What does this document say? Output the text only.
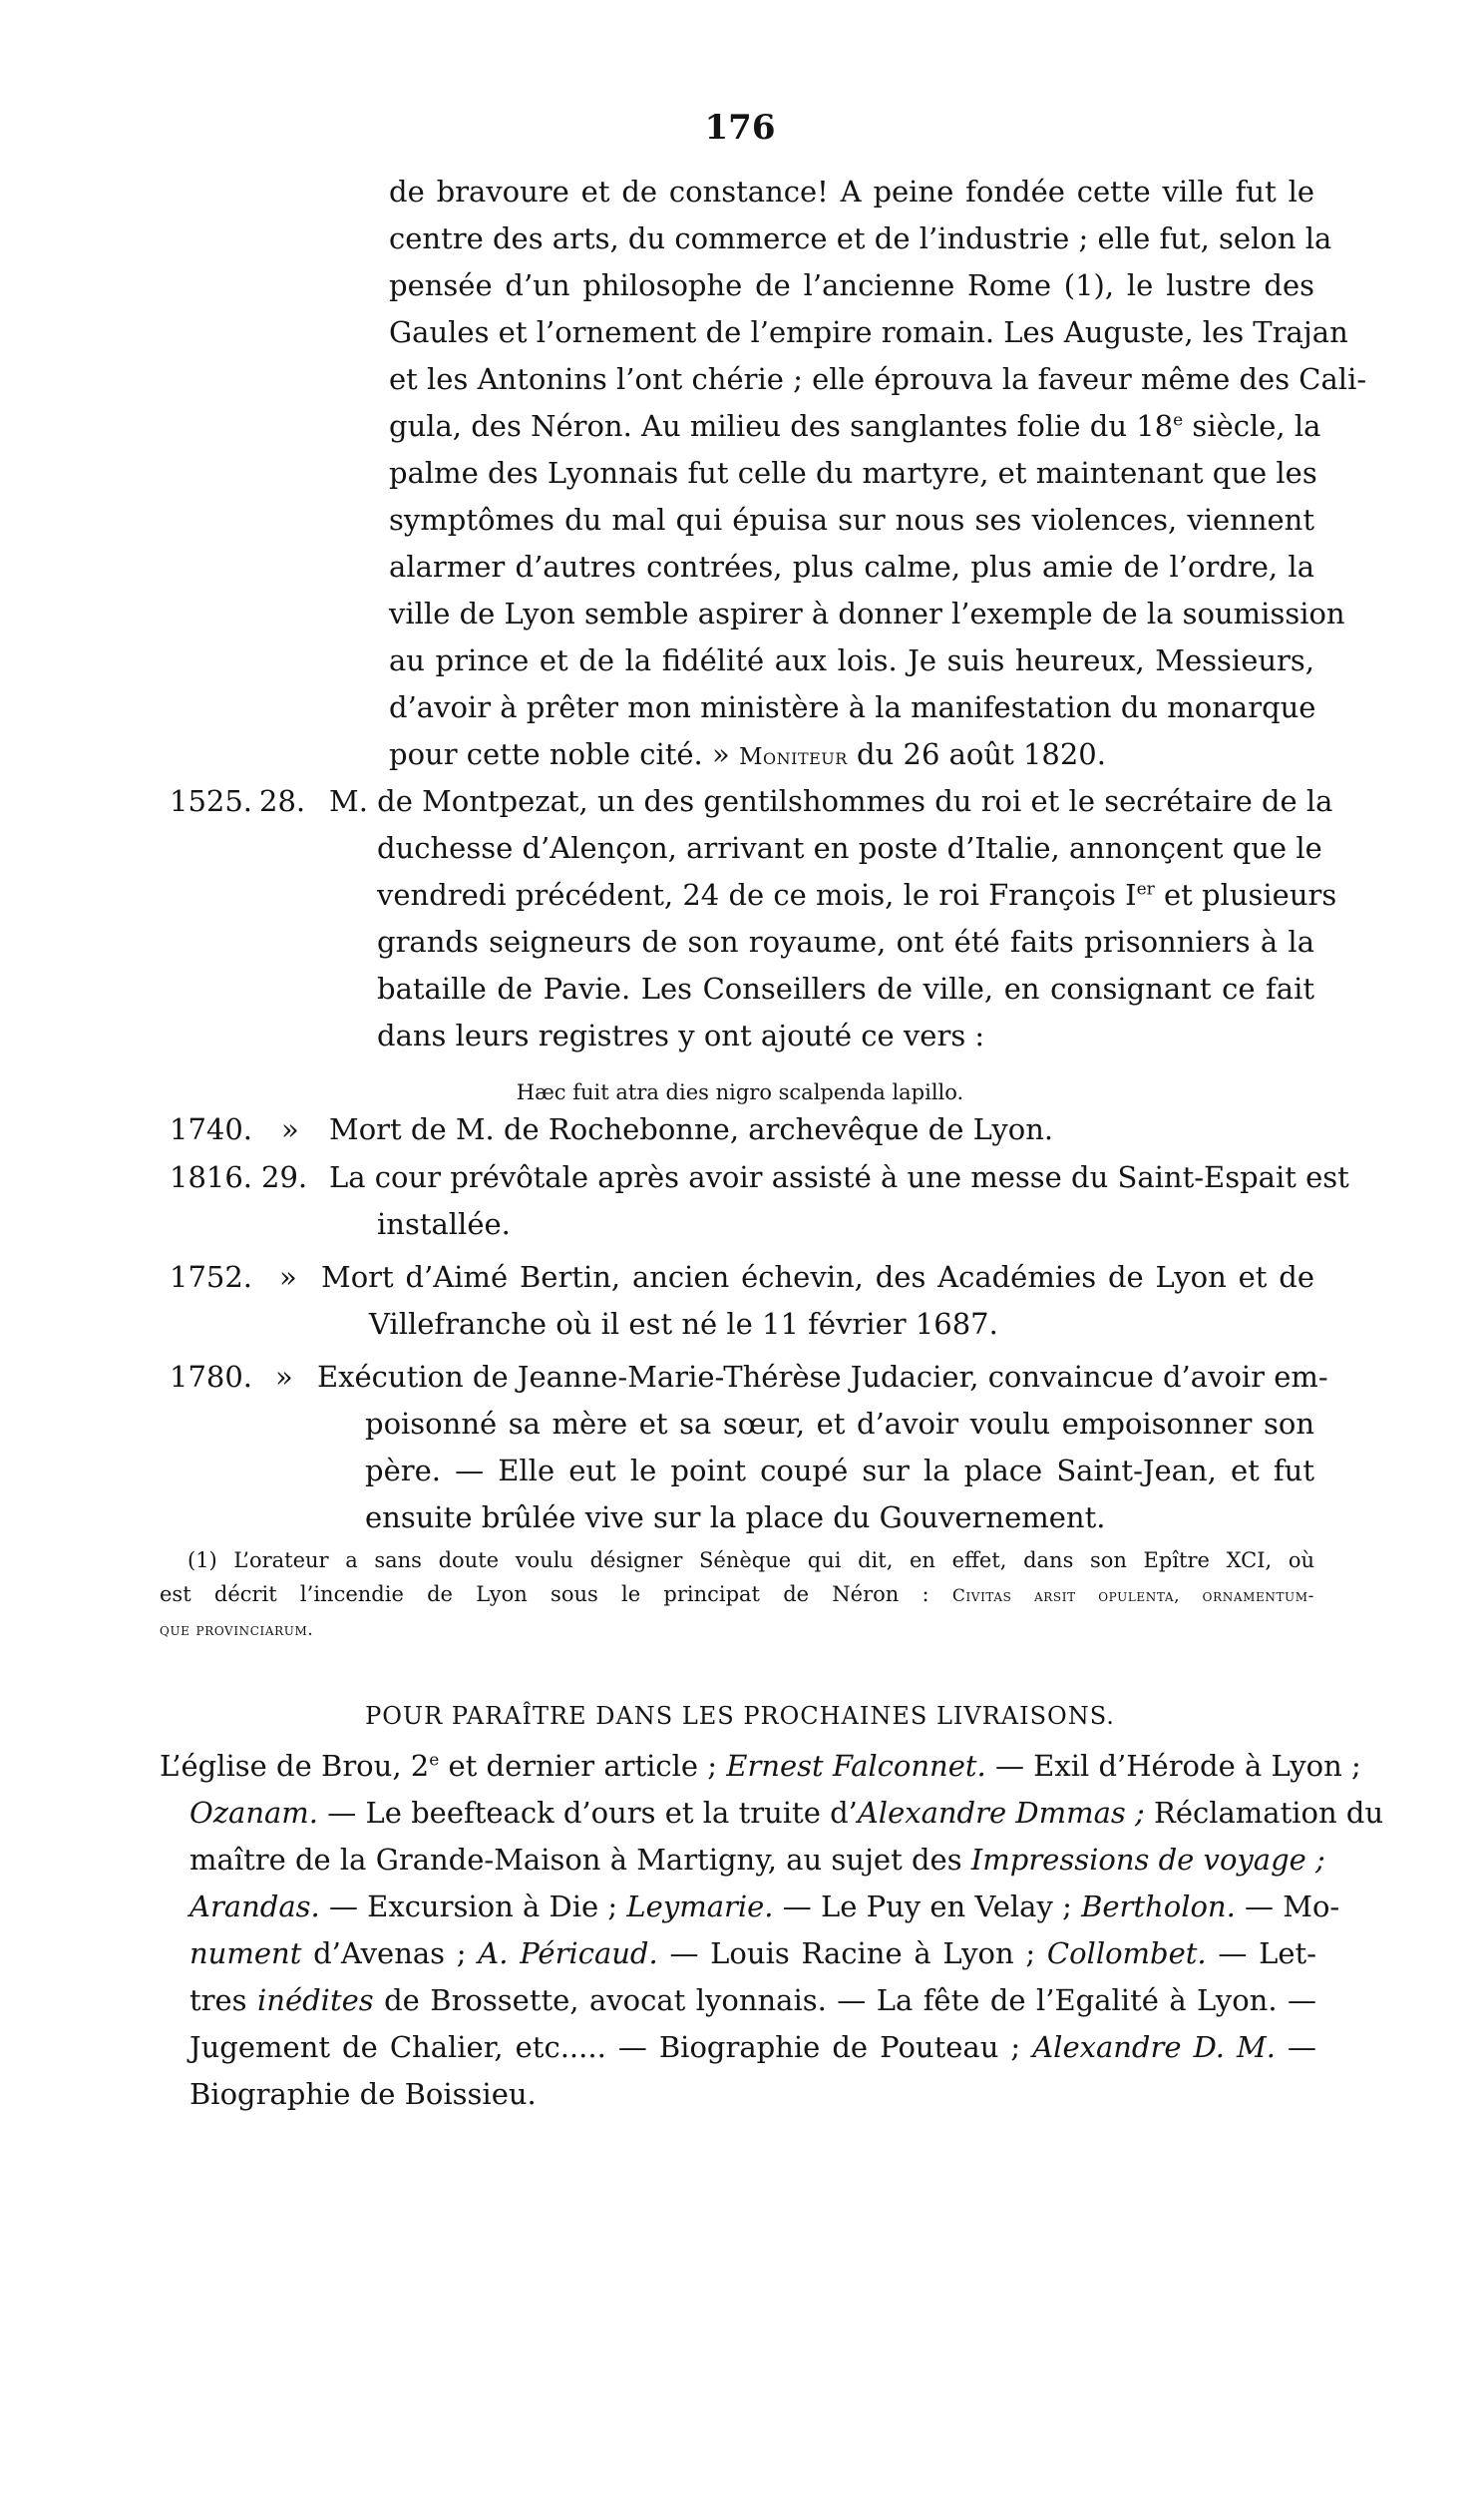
176
de bravoure et de constance! A peine fondée cette ville fut le
centre des arts, du commerce et de l’industrie ; elle fut, selon la
pensée d’un philosophe de l’ancienne Rome (1), le lustre des
Gaules et l’ornement de l’empire romain. Les Auguste, les Trajan
et les Antonins l’ont chérie ; elle éprouva la faveur même des Cali-
gula, des Néron. Au milieu des sanglantes folie du 18e siècle, la
palme des Lyonnais fut celle du martyre, et maintenant que les
symptômes du mal qui épuisa sur nous ses violences, viennent
alarmer d’autres contrées, plus calme, plus amie de l’ordre, la
ville de Lyon semble aspirer à donner l’exemple de la soumission
au prince et de la fidélité aux lois. Je suis heureux, Messieurs,
d’avoir à prêter mon ministère à la manifestation du monarque
pour cette noble cité. » Moniteur du 26 août 1820.
1525. 28. M. de Montpezat, un des gentilshommes du roi et le secrétaire de la
duchesse d’Alençon, arrivant en poste d’Italie, annonçent que le
vendredi précédent, 24 de ce mois, le roi François Ier et plusieurs
grands seigneurs de son royaume, ont été faits prisonniers à la
bataille de Pavie. Les Conseillers de ville, en consignant ce fait
dans leurs registres y ont ajouté ce vers :
Hæc fuit atra dies nigro scalpenda lapillo.
1740. » Mort de M. de Rochebonne, archevêque de Lyon.
1816. 29. La cour prévôtale après avoir assisté à une messe du Saint-Espait est
installée.
1752. » Mort d’Aimé Bertin, ancien échevin, des Académies de Lyon et de
Villefranche où il est né le 11 février 1687.
1780. » Exécution de Jeanne-Marie-Thérèse Judacier, convaincue d’avoir em-
poisonné sa mère et sa sœur, et d’avoir voulu empoisonner son
père. — Elle eut le point coupé sur la place Saint-Jean, et fut
ensuite brûlée vive sur la place du Gouvernement.
(1) L’orateur a sans doute voulu désigner Sénèque qui dit, en effet, dans son Epître XCI, où
est décrit l’incendie de Lyon sous le principat de Néron : Civitas arsit opulenta, ornamentum-
que provinciarum.
POUR PARAÎTRE DANS LES PROCHAINES LIVRAISONS.
L’église de Brou, 2e et dernier article ; Ernest Falconnet. — Exil d’Hérode à Lyon ;
Ozanam. — Le beefteack d’ours et la truite d’Alexandre Dmmas ; Réclamation du
maître de la Grande-Maison à Martigny, au sujet des Impressions de voyage ;
Arandas. — Excursion à Die ; Leymarie. — Le Puy en Velay ; Bertholon. — Mo-
nument d’Avenas ; A. Péricaud. — Louis Racine à Lyon ; Collombet. — Let-
tres inédites de Brossette, avocat lyonnais. — La fête de l’Egalité à Lyon. —
Jugement de Chalier, etc..... — Biographie de Pouteau ; Alexandre D. M. —
Biographie de Boissieu.
